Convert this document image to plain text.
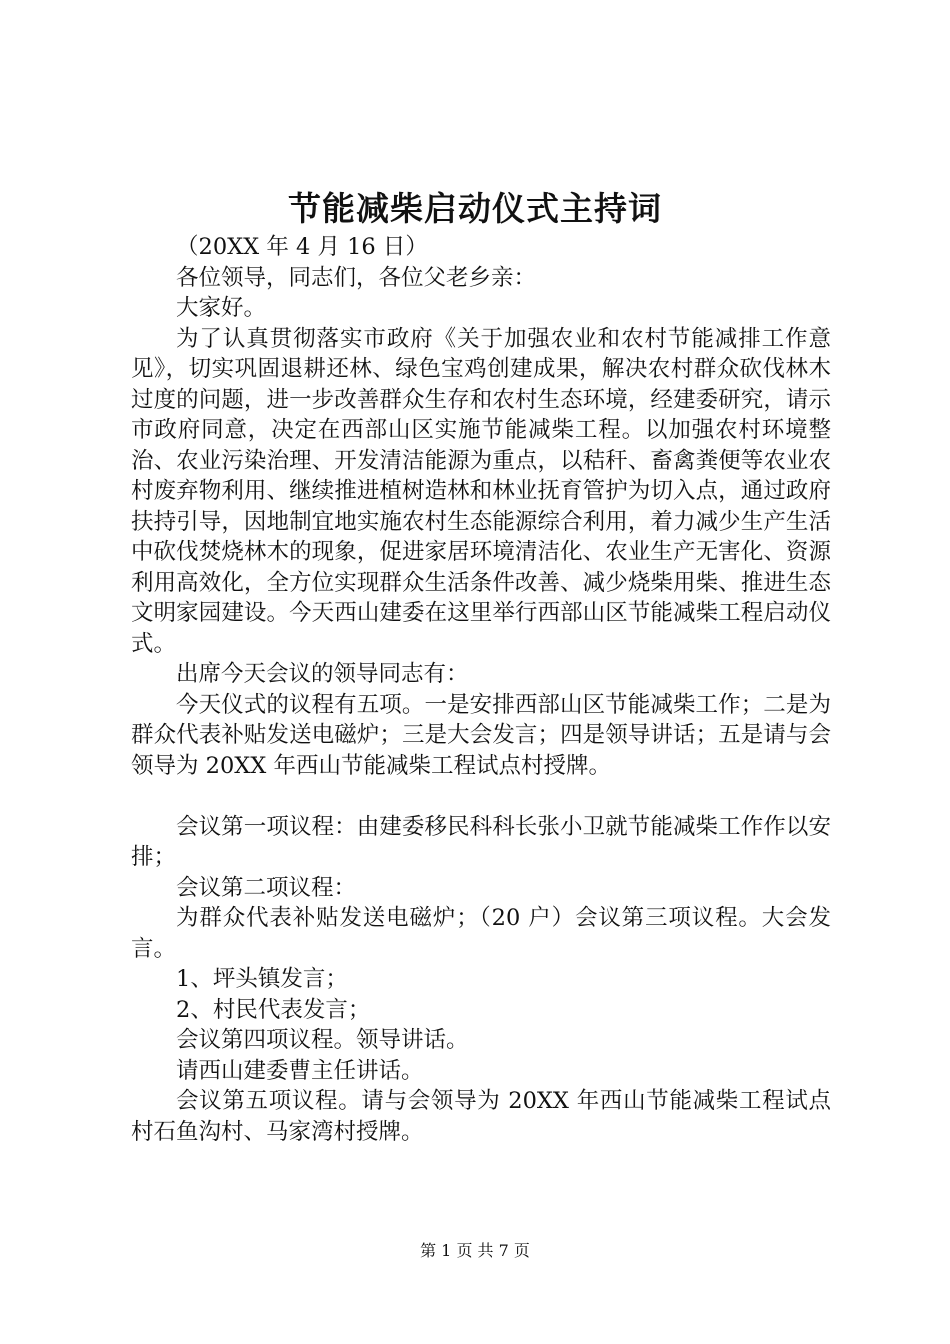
节能减柴启动仪式主持词

（20XX 年 4 月 16 日）

各位领导，同志们，各位父老乡亲：

大家好。

为了认真贯彻落实市政府《关于加强农业和农村节能减排工作意见》，切实巩固退耕还林、绿色宝鸡创建成果，解决农村群众砍伐林木过度的问题，进一步改善群众生存和农村生态环境，经建委研究，请示市政府同意，决定在西部山区实施节能减柴工程。以加强农村环境整治、农业污染治理、开发清洁能源为重点，以秸秆、畜禽粪便等农业农村废弃物利用、继续推进植树造林和林业抚育管护为切入点，通过政府扶持引导，因地制宜地实施农村生态能源综合利用，着力减少生产生活中砍伐焚烧林木的现象，促进家居环境清洁化、农业生产无害化、资源利用高效化，全方位实现群众生活条件改善、减少烧柴用柴、推进生态文明家园建设。今天西山建委在这里举行西部山区节能减柴工程启动仪式。

出席今天会议的领导同志有：

今天仪式的议程有五项。一是安排西部山区节能减柴工作；二是为群众代表补贴发送电磁炉；三是大会发言；四是领导讲话；五是请与会领导为 20XX 年西山节能减柴工程试点村授牌。

会议第一项议程：由建委移民科科长张小卫就节能减柴工作作以安排；

会议第二项议程：

为群众代表补贴发送电磁炉；（20 户）会议第三项议程。大会发言。

1、坪头镇发言；

2、村民代表发言；

会议第四项议程。领导讲话。

请西山建委曹主任讲话。

会议第五项议程。请与会领导为 20XX 年西山节能减柴工程试点村石鱼沟村、马家湾村授牌。

第 1 页 共 7 页
